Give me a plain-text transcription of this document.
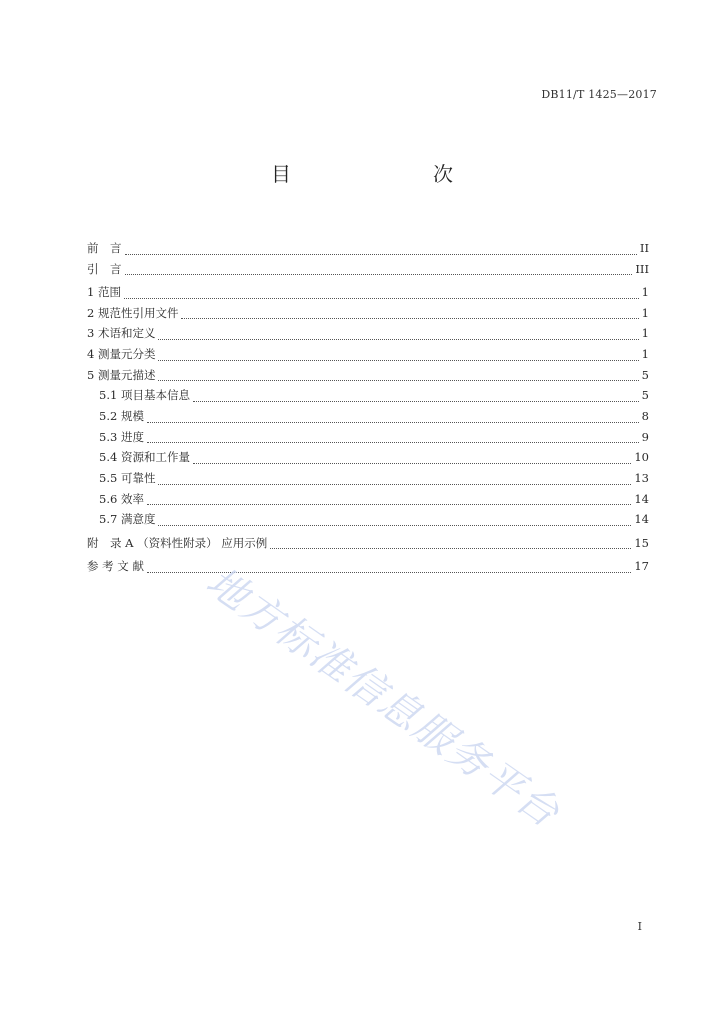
DB11/T 1425—2017
目　　次
前　言	II
引　言	III
1 范围	1
2 规范性引用文件	1
3 术语和定义	1
4 测量元分类	1
5 测量元描述	5
5.1 项目基本信息	5
5.2 规模	8
5.3 进度	9
5.4 资源和工作量	10
5.5 可靠性	13
5.6 效率	14
5.7 满意度	14
附　录 A （资料性附录） 应用示例	15
参 考 文 献	17
地方标准信息服务平台
I
